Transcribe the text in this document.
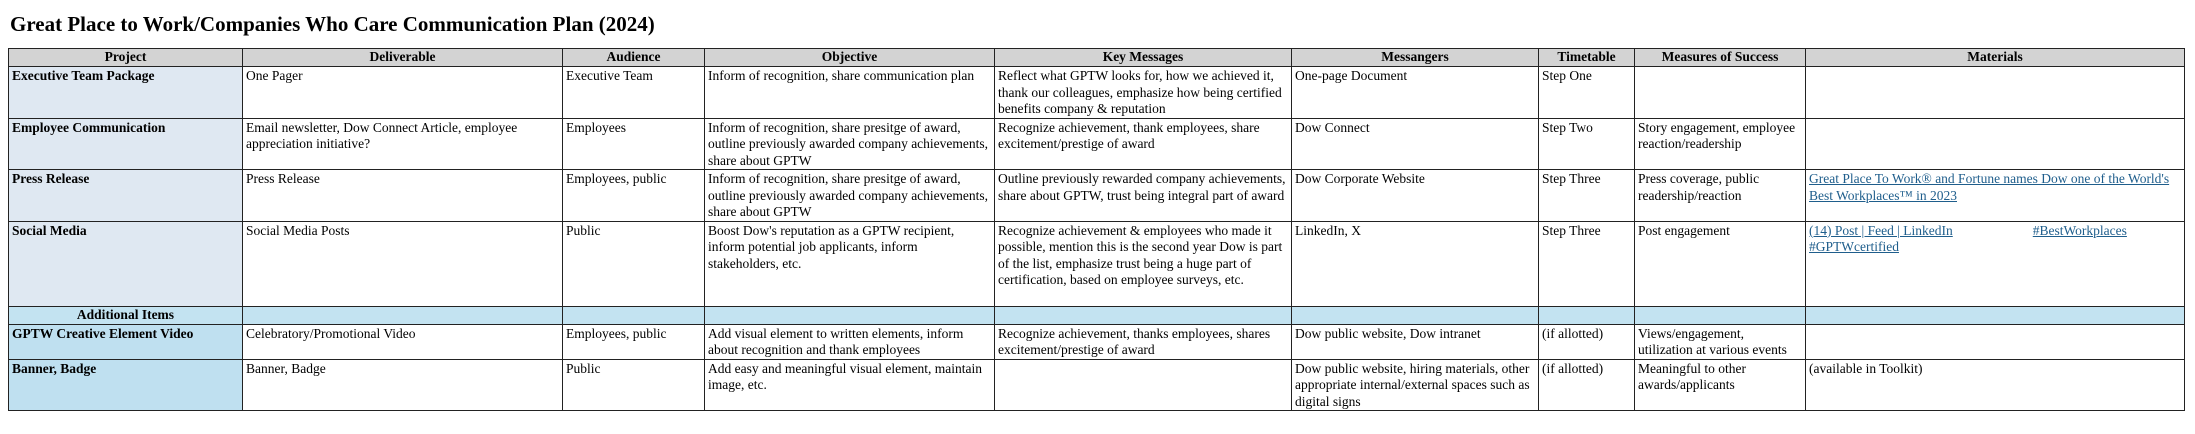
Great Place to Work/Companies Who Care Communication Plan (2024)
Project	Deliverable	Audience	Objective	Key Messages	Messangers	Timetable	Measures of Success	Materials
Executive Team Package	One Pager	Executive Team	Inform of recognition, share communication plan	Reflect what GPTW looks for, how we achieved it, thank our colleagues, emphasize how being certified benefits company & reputation	One-page Document	Step One		
Employee Communication	Email newsletter, Dow Connect Article, employee appreciation initiative?	Employees	Inform of recognition, share presitge of award, outline previously awarded company achievements, share about GPTW	Recognize achievement, thank employees, share excitement/prestige of award	Dow Connect	Step Two	Story engagement, employee reaction/readership	
Press Release	Press Release	Employees, public	Inform of recognition, share presitge of award, outline previously awarded company achievements, share about GPTW	Outline previously rewarded company achievements, share about GPTW, trust being integral part of award	Dow Corporate Website	Step Three	Press coverage, public readership/reaction	Great Place To Work® and Fortune names Dow one of the World's Best Workplaces™ in 2023
Social Media	Social Media Posts	Public	Boost Dow's reputation as a GPTW recipient, inform potential job applicants, inform stakeholders, etc.	Recognize achievement & employees who made it possible, mention this is the second year Dow is part of the list, emphasize trust being a huge part of certification, based on employee surveys, etc.	LinkedIn, X	Step Three	Post engagement	(14) Post | Feed | LinkedIn #BestWorkplaces
#GPTWcertified
Additional Items								
GPTW Creative Element Video	Celebratory/Promotional Video	Employees, public	Add visual element to written elements, inform about recognition and thank employees	Recognize achievement, thanks employees, shares excitement/prestige of award	Dow public website, Dow intranet	(if allotted)	Views/engagement, utilization at various events	
Banner, Badge	Banner, Badge	Public	Add easy and meaningful visual element, maintain image, etc.		Dow public website, hiring materials, other appropriate internal/external spaces such as digital signs	(if allotted)	Meaningful to other awards/applicants	(available in Toolkit)
